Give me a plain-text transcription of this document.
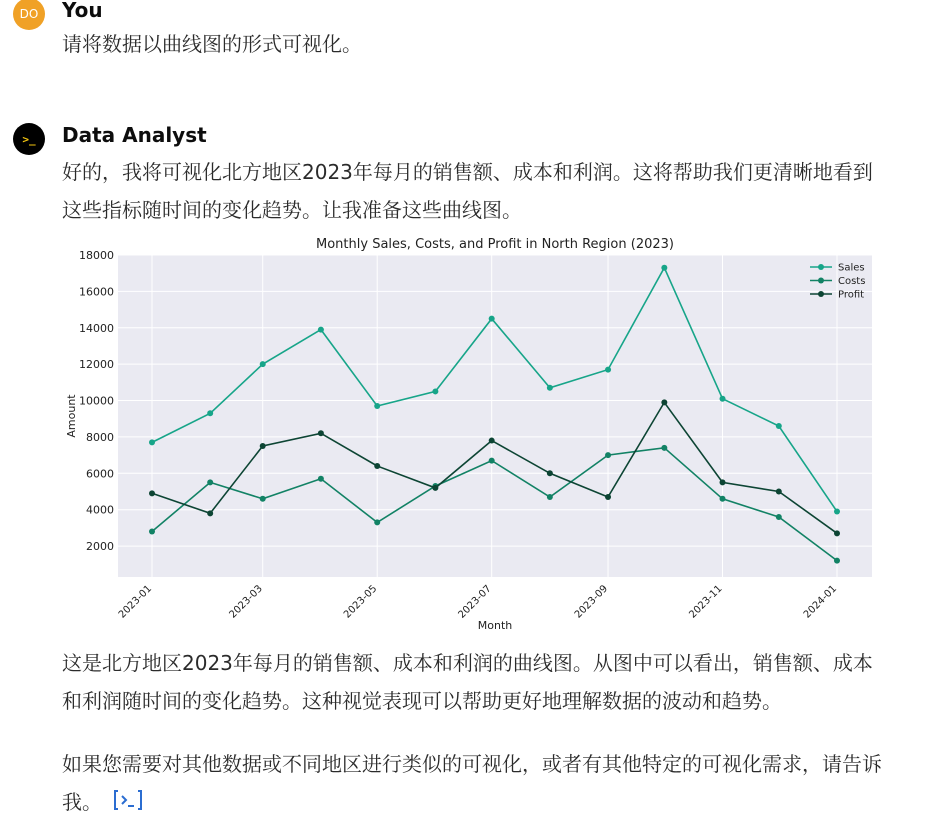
DO	You
请将数据以曲线图的形式可视化。
>_	Data Analyst
好的，我将可视化北方地区2023年每月的销售额、成本和利润。这将帮助我们更清晰地看到这些指标随时间的变化趋势。让我准备这些曲线图。
Monthly Sales, Costs, and Profit in North Region (2023)
2000
4000
6000
8000
10000
12000
14000
16000
18000
2023-01	2023-03	2023-05	2023-07	2023-09	2023-11	2024-01
Month
Amount
Sales
Costs
Profit
这是北方地区2023年每月的销售额、成本和利润的曲线图。从图中可以看出，销售额、成本和利润随时间的变化趋势。这种视觉表现可以帮助更好地理解数据的波动和趋势。
如果您需要对其他数据或不同地区进行类似的可视化，或者有其他特定的可视化需求，请告诉我。
